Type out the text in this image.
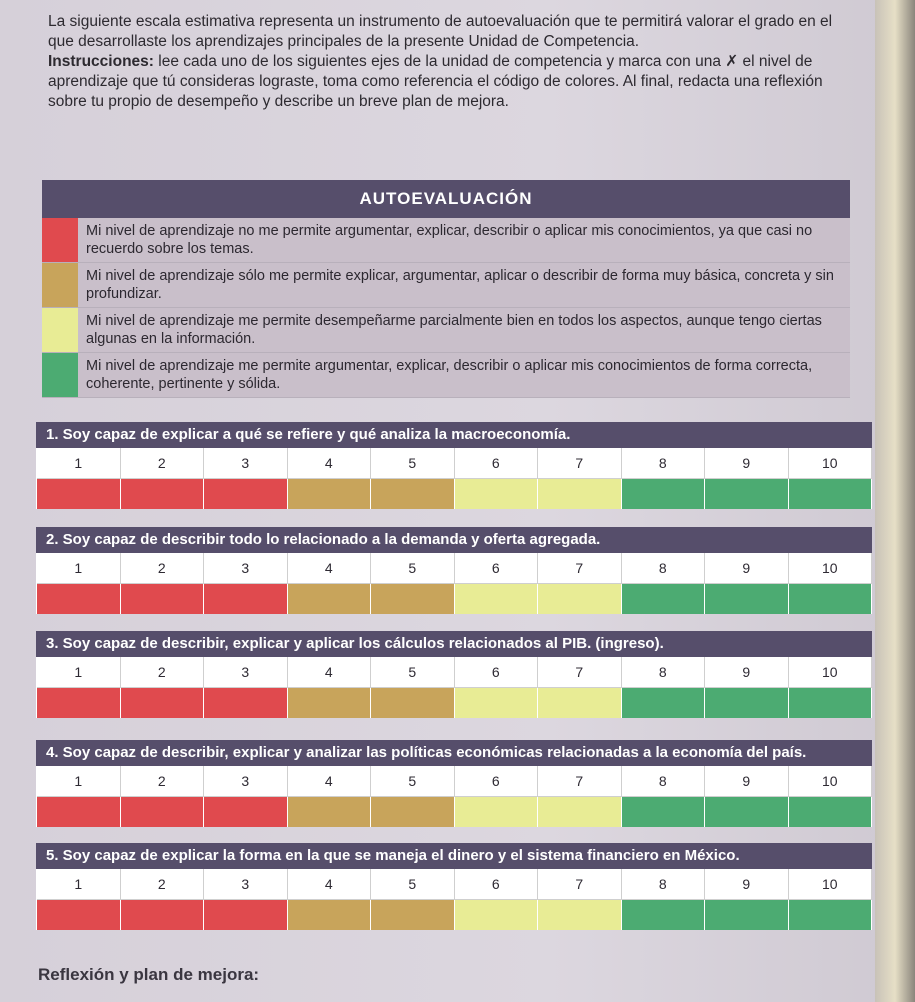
La siguiente escala estimativa representa un instrumento de autoevaluación que te permitirá valorar el grado en el que desarrollaste los aprendizajes principales de la presente Unidad de Competencia.

Instrucciones: lee cada uno de los siguientes ejes de la unidad de competencia y marca con una ✗ el nivel de aprendizaje que tú consideras lograste, toma como referencia el código de colores. Al final, redacta una reflexión sobre tu propio de desempeño y describe un breve plan de mejora.

AUTOEVALUACIÓN
Mi nivel de aprendizaje no me permite argumentar, explicar, describir o aplicar mis conocimientos, ya que casi no recuerdo sobre los temas.
Mi nivel de aprendizaje sólo me permite explicar, argumentar, aplicar o describir de forma muy básica, concreta y sin profundizar.
Mi nivel de aprendizaje me permite desempeñarme parcialmente bien en todos los aspectos, aunque tengo ciertas algunas en la información.
Mi nivel de aprendizaje me permite argumentar, explicar, describir o aplicar mis conocimientos de forma correcta, coherente, pertinente y sólida.
1. Soy capaz de explicar a qué se refiere y qué analiza la macroeconomía.
1	2	3	4	5	6	7	8	9	10
2. Soy capaz de describir todo lo relacionado a la demanda y oferta agregada.
1	2	3	4	5	6	7	8	9	10
3. Soy capaz de describir, explicar y aplicar los cálculos relacionados al PIB. (ingreso).
1	2	3	4	5	6	7	8	9	10
4. Soy capaz de describir, explicar y analizar las políticas económicas relacionadas a la economía del país.
1	2	3	4	5	6	7	8	9	10
5. Soy capaz de explicar la forma en la que se maneja el dinero y el sistema financiero en México.
1	2	3	4	5	6	7	8	9	10
Reflexión y plan de mejora:
